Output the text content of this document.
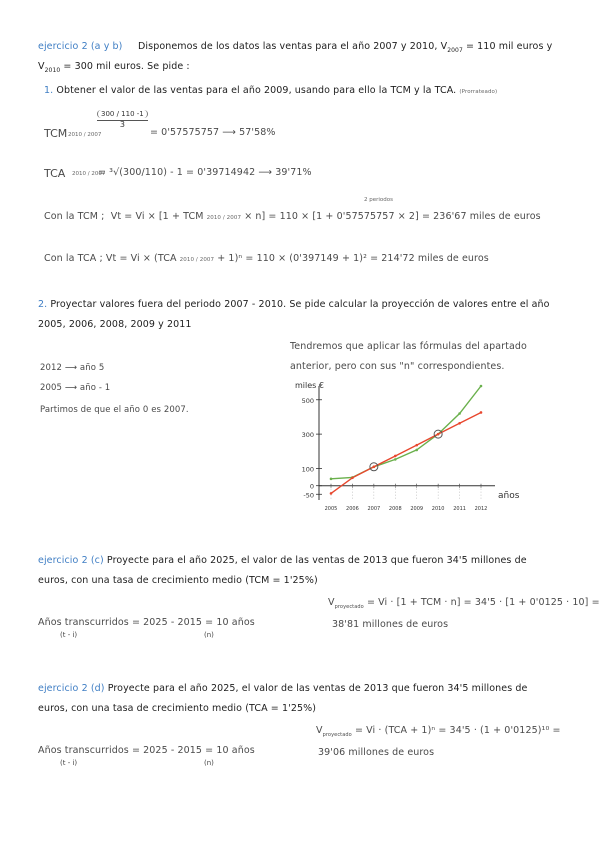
ejercicio 2 (a y b) Disponemos de los datos las ventas para el año 2007 y 2010, $V_{2007} = 110$ mil euros y
$V_{2010} = 300$ mil euros. Se pide :
1. Obtener el valor de las ventas para el año 2009, usando para ello la TCM y la TCA. (Prorrateado)
TCM 2010 / 2007
300 / 110 -1
3
= 0'57575757 ⟶ 57'58%
TCA 2010 / 2007
= ³√(300/110) - 1 = 0'39714942 ⟶ 39'71%
Con la TCM ; Vt = Vi × [1 + TCM 2010 / 2007 × n] = 110 × [1 + 0'57575757 × 2] = 236'67 miles de euros
2 periodos
Con la TCA ; Vt = Vi × (TCA 2010 / 2007 + 1)ⁿ = 110 × (0'397149 + 1)² = 214'72 miles de euros
2. Proyectar valores fuera del periodo 2007 - 2010. Se pide calcular la proyección de valores entre el año
2005, 2006, 2008, 2009 y 2011
Tendremos que aplicar las fórmulas del apartado
anterior, pero con sus "n" correspondientes.
2012 ⟶ año 5
2005 ⟶ año - 1
Partimos de que el año 0 es 2007.
miles €
años
500
300
100
0
-50
2005 2006 2007 2008 2009 2010 2011 2012
ejercicio 2 (c) Proyecte para el año 2025, el valor de las ventas de 2013 que fueron 34'5 millones de
euros, con una tasa de crecimiento medio (TCM = 1'25%)
$V_{proyectado} = Vi \cdot [1$ + TCM · n] = 34'5 · [1 + 0'0125 · 10] =
38'81 millones de euros
Años transcurridos = 2025 - 2015 = 10 años
(t - i)	(n)
ejercicio 2 (d) Proyecte para el año 2025, el valor de las ventas de 2013 que fueron 34'5 millones de
euros, con una tasa de crecimiento medio (TCA = 1'25%)
$V_{proyectado} = Vi \cdot (TCA + 1)^n = 34'5 \cdot (1 + 0'0125)^{10}$ =
39'06 millones de euros
Años transcurridos = 2025 - 2015 = 10 años
(t - i)	(n)
